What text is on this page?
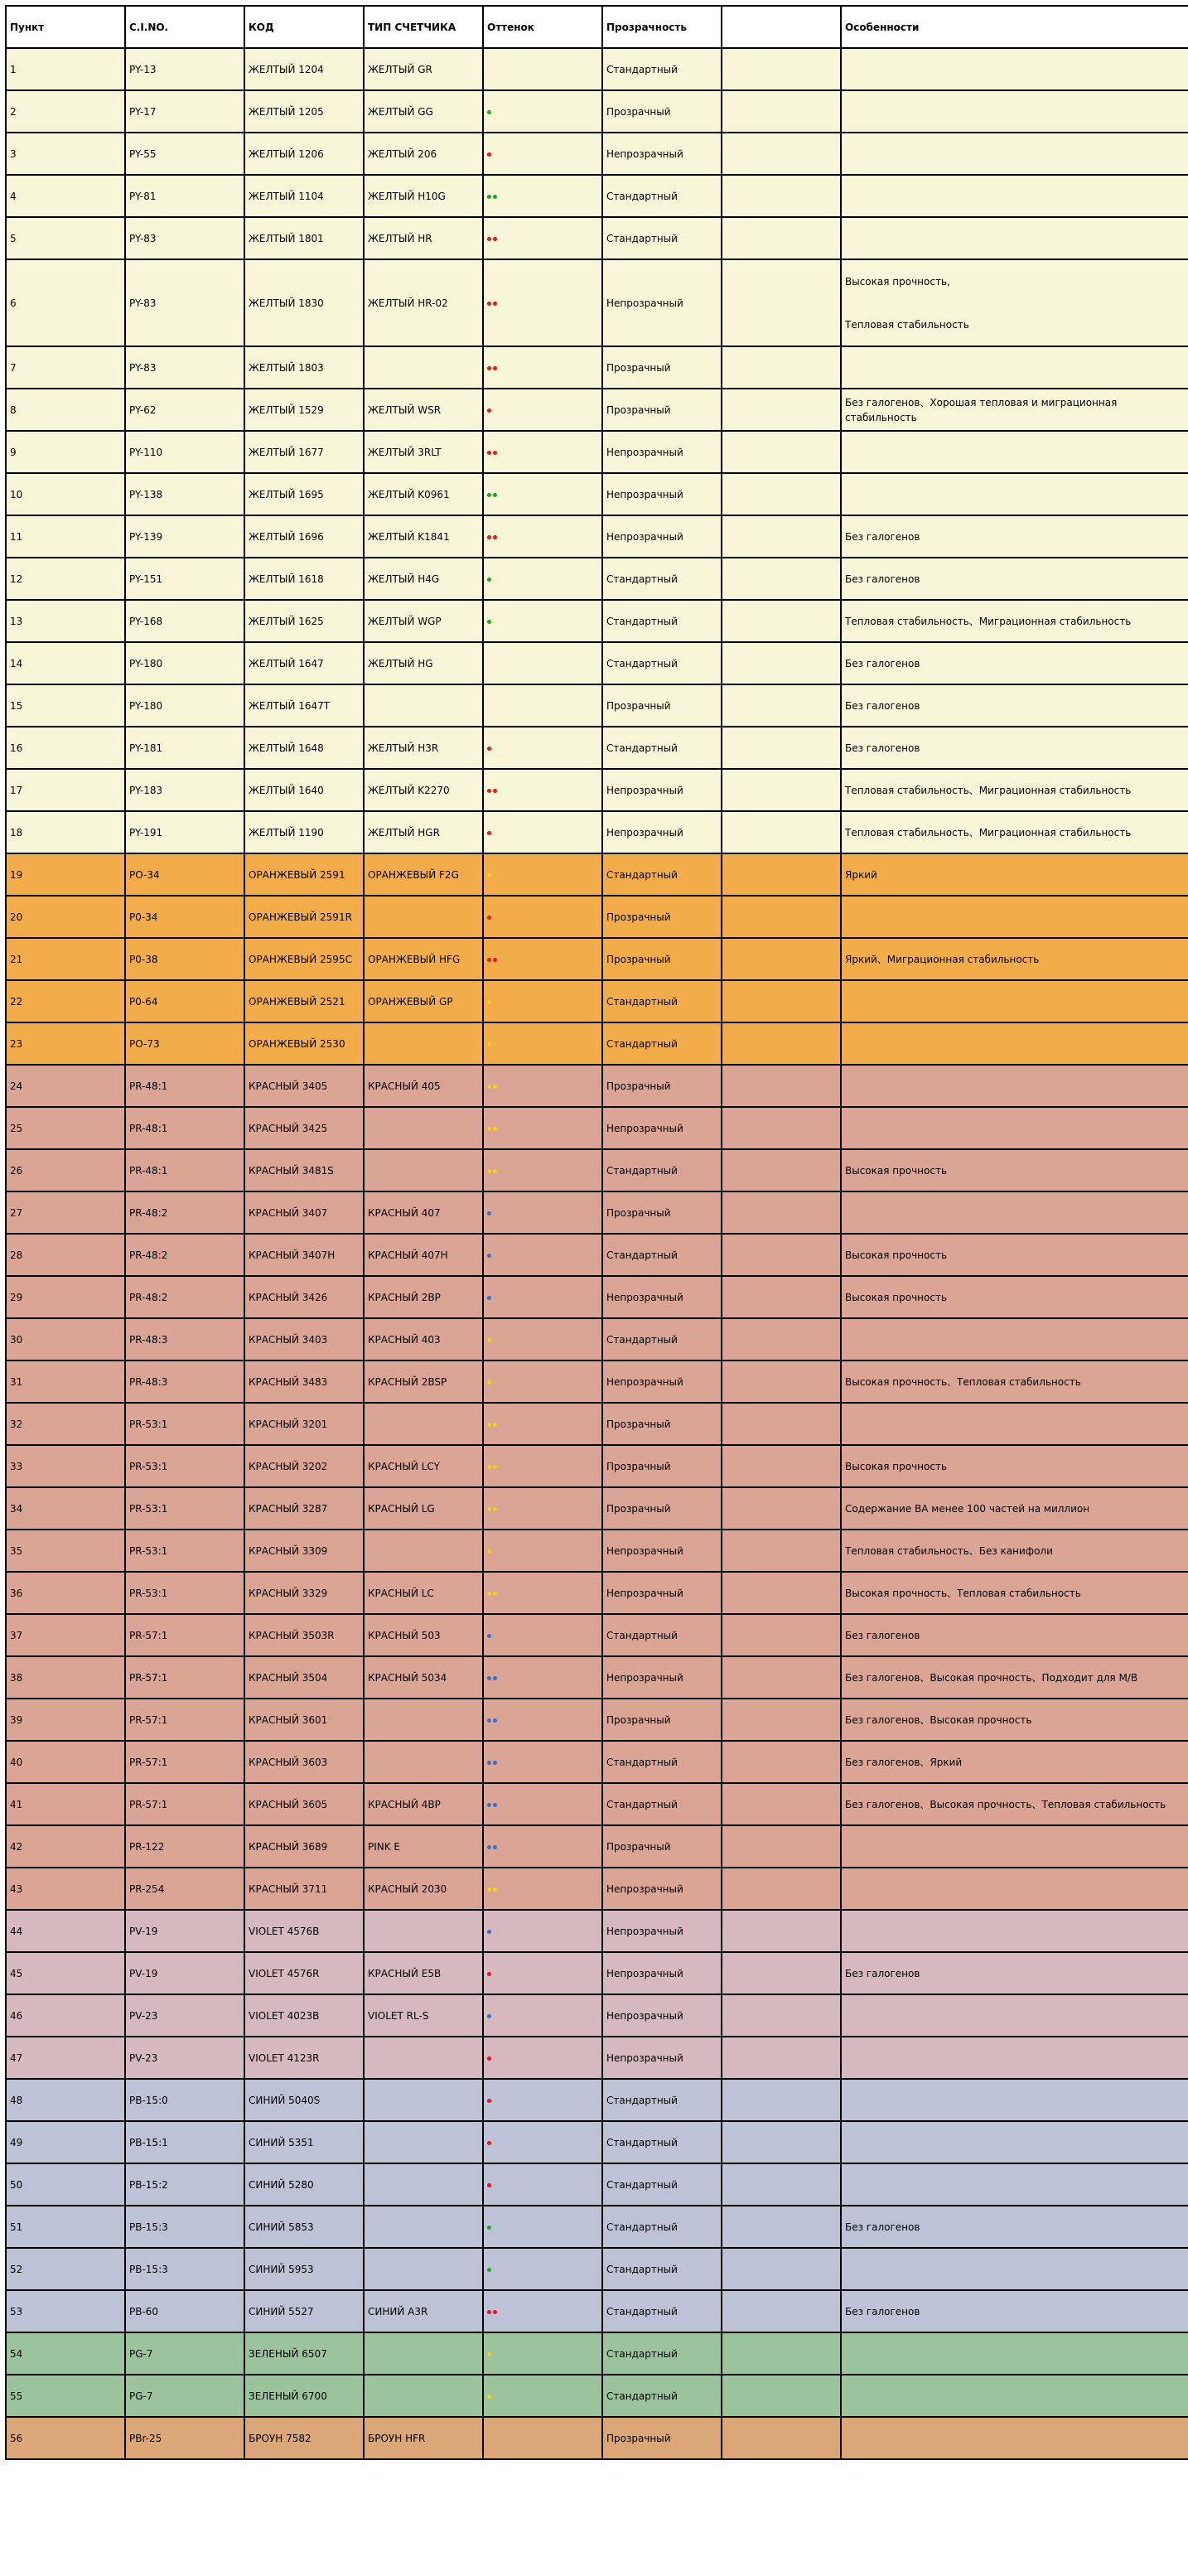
Пункт	C.I.NO.	КОД	ТИП СЧЕТЧИКА	Оттенок	Прозрачность		Особенности
1	PY-13	ЖЕЛТЫЙ 1204	ЖЕЛТЫЙ GR		Стандартный		
2	PY-17	ЖЕЛТЫЙ 1205	ЖЕЛТЫЙ GG		Прозрачный		
3	PY-55	ЖЕЛТЫЙ 1206	ЖЕЛТЫЙ 206		Непрозрачный		
4	PY-81	ЖЕЛТЫЙ 1104	ЖЕЛТЫЙ H10G		Стандартный		
5	PY-83	ЖЕЛТЫЙ 1801	ЖЕЛТЫЙ HR		Стандартный		
6	PY-83	ЖЕЛТЫЙ 1830	ЖЕЛТЫЙ HR-02		Непрозрачный		Высокая прочность,
Тепловая стабильность

7	PY-83	ЖЕЛТЫЙ 1803			Прозрачный		
8	PY-62	ЖЕЛТЫЙ 1529	ЖЕЛТЫЙ WSR		Прозрачный		Без галогенов、Хорошая тепловая и миграционная стабильность
9	PY-110	ЖЕЛТЫЙ 1677	ЖЕЛТЫЙ 3RLT		Непрозрачный		
10	PY-138	ЖЕЛТЫЙ 1695	ЖЕЛТЫЙ K0961		Непрозрачный		
11	PY-139	ЖЕЛТЫЙ 1696	ЖЕЛТЫЙ K1841		Непрозрачный		Без галогенов
12	PY-151	ЖЕЛТЫЙ 1618	ЖЕЛТЫЙ H4G		Стандартный		Без галогенов
13	PY-168	ЖЕЛТЫЙ 1625	ЖЕЛТЫЙ WGP		Стандартный		Тепловая стабильность、Миграционная стабильность
14	PY-180	ЖЕЛТЫЙ 1647	ЖЕЛТЫЙ HG		Стандартный		Без галогенов
15	PY-180	ЖЕЛТЫЙ 1647T			Прозрачный		Без галогенов
16	PY-181	ЖЕЛТЫЙ 1648	ЖЕЛТЫЙ H3R		Стандартный		Без галогенов
17	PY-183	ЖЕЛТЫЙ 1640	ЖЕЛТЫЙ K2270		Непрозрачный		Тепловая стабильность、Миграционная стабильность
18	PY-191	ЖЕЛТЫЙ 1190	ЖЕЛТЫЙ HGR		Непрозрачный		Тепловая стабильность、Миграционная стабильность
19	PO-34	ОРАНЖЕВЫЙ 2591	ОРАНЖЕВЫЙ F2G		Стандартный		Яркий
20	P0-34	ОРАНЖЕВЫЙ 2591R			Прозрачный		
21	P0-38	ОРАНЖЕВЫЙ 2595C	ОРАНЖЕВЫЙ HFG		Прозрачный		Яркий、Миграционная стабильность
22	P0-64	ОРАНЖЕВЫЙ 2521	ОРАНЖЕВЫЙ GP		Стандартный		
23	PO-73	ОРАНЖЕВЫЙ 2530			Стандартный		
24	PR-48:1	КРАСНЫЙ 3405	КРАСНЫЙ 405		Прозрачный		
25	PR-48:1	КРАСНЫЙ 3425			Непрозрачный		
26	PR-48:1	КРАСНЫЙ 3481S			Стандартный		Высокая прочность
27	PR-48:2	КРАСНЫЙ 3407	КРАСНЫЙ 407		Прозрачный		
28	PR-48:2	КРАСНЫЙ 3407H	КРАСНЫЙ 407H		Стандартный		Высокая прочность
29	PR-48:2	КРАСНЫЙ 3426	КРАСНЫЙ 2BP		Непрозрачный		Высокая прочность
30	PR-48:3	КРАСНЫЙ 3403	КРАСНЫЙ 403		Стандартный		
31	PR-48:3	КРАСНЫЙ 3483	КРАСНЫЙ 2BSP		Непрозрачный		Высокая прочность、Тепловая стабильность
32	PR-53:1	КРАСНЫЙ 3201			Прозрачный		
33	PR-53:1	КРАСНЫЙ 3202	КРАСНЫЙ LCY		Прозрачный		Высокая прочность
34	PR-53:1	КРАСНЫЙ 3287	КРАСНЫЙ LG		Прозрачный		Содержание BA менее 100 частей на миллион
35	PR-53:1	КРАСНЫЙ 3309			Непрозрачный		Тепловая стабильность、Без канифоли
36	PR-53:1	КРАСНЫЙ 3329	КРАСНЫЙ LC		Непрозрачный		Высокая прочность、Тепловая стабильность
37	PR-57:1	КРАСНЫЙ 3503R	КРАСНЫЙ 503		Стандартный		Без галогенов
38	PR-57:1	КРАСНЫЙ 3504	КРАСНЫЙ 5034		Непрозрачный		Без галогенов、Высокая прочность、Подходит для M/B
39	PR-57:1	КРАСНЫЙ 3601			Прозрачный		Без галогенов、Высокая прочность
40	PR-57:1	КРАСНЫЙ 3603			Стандартный		Без галогенов、Яркий
41	PR-57:1	КРАСНЫЙ 3605	КРАСНЫЙ 4BP		Стандартный		Без галогенов、Высокая прочность、Тепловая стабильность
42	PR-122	КРАСНЫЙ 3689	PINK E		Прозрачный		
43	PR-254	КРАСНЫЙ 3711	КРАСНЫЙ 2030		Непрозрачный		
44	PV-19	VIOLET 4576B			Непрозрачный		
45	PV-19	VIOLET 4576R	КРАСНЫЙ E5B		Непрозрачный		Без галогенов
46	PV-23	VIOLET 4023B	VIOLET RL-S		Непрозрачный		
47	PV-23	VIOLET 4123R			Непрозрачный		
48	PB-15:0	СИНИЙ 5040S			Стандартный		
49	PB-15:1	СИНИЙ 5351			Стандартный		
50	PB-15:2	СИНИЙ 5280			Стандартный		
51	PB-15:3	СИНИЙ 5853			Стандартный		Без галогенов
52	PB-15:3	СИНИЙ 5953			Стандартный		
53	PB-60	СИНИЙ 5527	СИНИЙ A3R		Стандартный		Без галогенов
54	PG-7	ЗЕЛЕНЫЙ 6507			Стандартный		
55	PG-7	ЗЕЛЕНЫЙ 6700			Стандартный		
56	PBr-25	БРОУН 7582	БРОУН HFR		Прозрачный		
